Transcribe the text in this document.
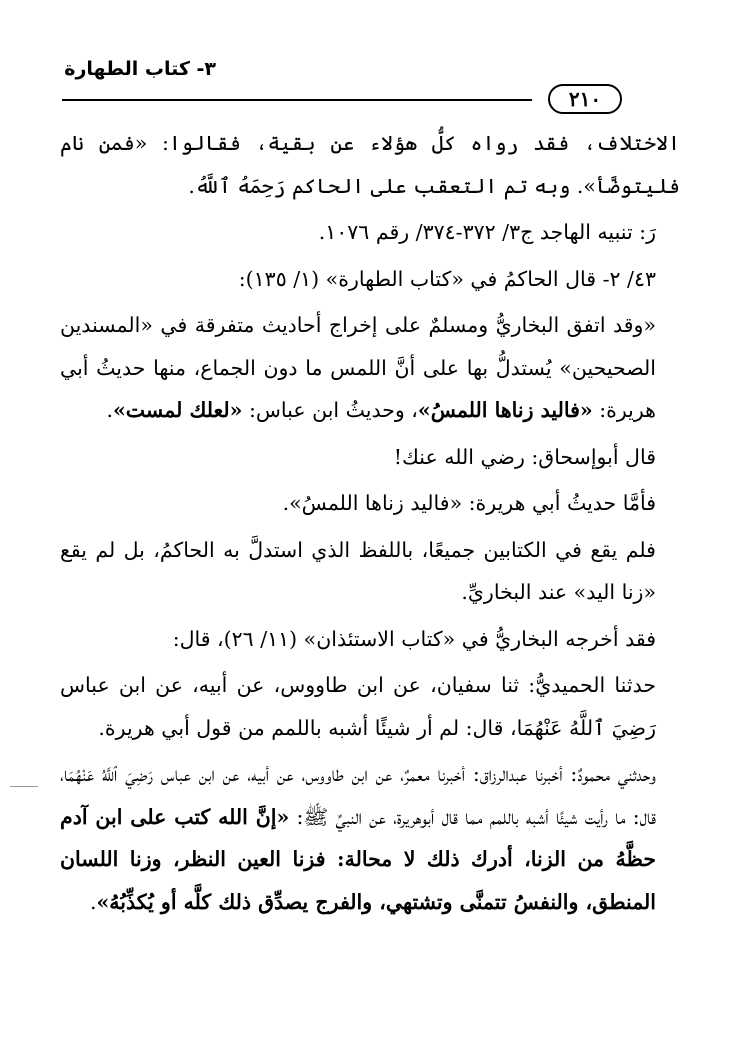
٣- كتاب الطهارة
٢١٠

الاختلاف، فقد رواه كلُّ هؤلاء عن بقية، فقالوا: «فمن نام فليتوضَّأ». وبه تم التعقب على الحاكم رَحِمَهُ ٱللَّهُ.

رَ: تنبيه الهاجد ج٣/ ٣٧٢-٣٧٤/ رقم ١٠٧٦.

٤٣/ ٢- قال الحاكمُ في «كتاب الطهارة» (١/ ١٣٥):

«وقد اتفق البخاريُّ ومسلمٌ على إخراج أحاديث متفرقة في «المسندين الصحيحين» يُستدلُّ بها على أنَّ اللمس ما دون الجماع، منها حديثُ أبي هريرة: «فاليد زناها اللمسُ»، وحديثُ ابن عباس: «لعلك لمست».

قال أبوإسحاق: رضي الله عنك!

فأمَّا حديثُ أبي هريرة: «فاليد زناها اللمسُ».

فلم يقع في الكتابين جميعًا، باللفظ الذي استدلَّ به الحاكمُ، بل لم يقع «زنا اليد» عند البخاريِّ.

فقد أخرجه البخاريُّ في «كتاب الاستئذان» (١١/ ٢٦)، قال:

حدثنا الحميديُّ: ثنا سفيان، عن ابن طاووس، عن أبيه، عن ابن عباس رَضِيَ ٱللَّهُ عَنْهُمَا، قال: لم أر شيئًا أشبه باللمم من قول أبي هريرة.

وحدثني محمودٌ: أخبرنا عبدالرزاق: أخبرنا معمرٌ، عن ابن طاووس، عن أبيه، عن ابن عباس رَضِيَ ٱللَّهُ عَنْهُمَا، قال: ما رأيت شيئًا أشبه باللمم مما قال أبوهريرة، عن النبيِّ ﷺ: «إنَّ الله كتب على ابن آدم حظَّهُ من الزنا، أدرك ذلك لا محالة: فزنا العين النظر، وزنا اللسان المنطق، والنفسُ تتمنَّى وتشتهي، والفرج يصدِّق ذلك كلَّه أو يُكذِّبُهُ».
